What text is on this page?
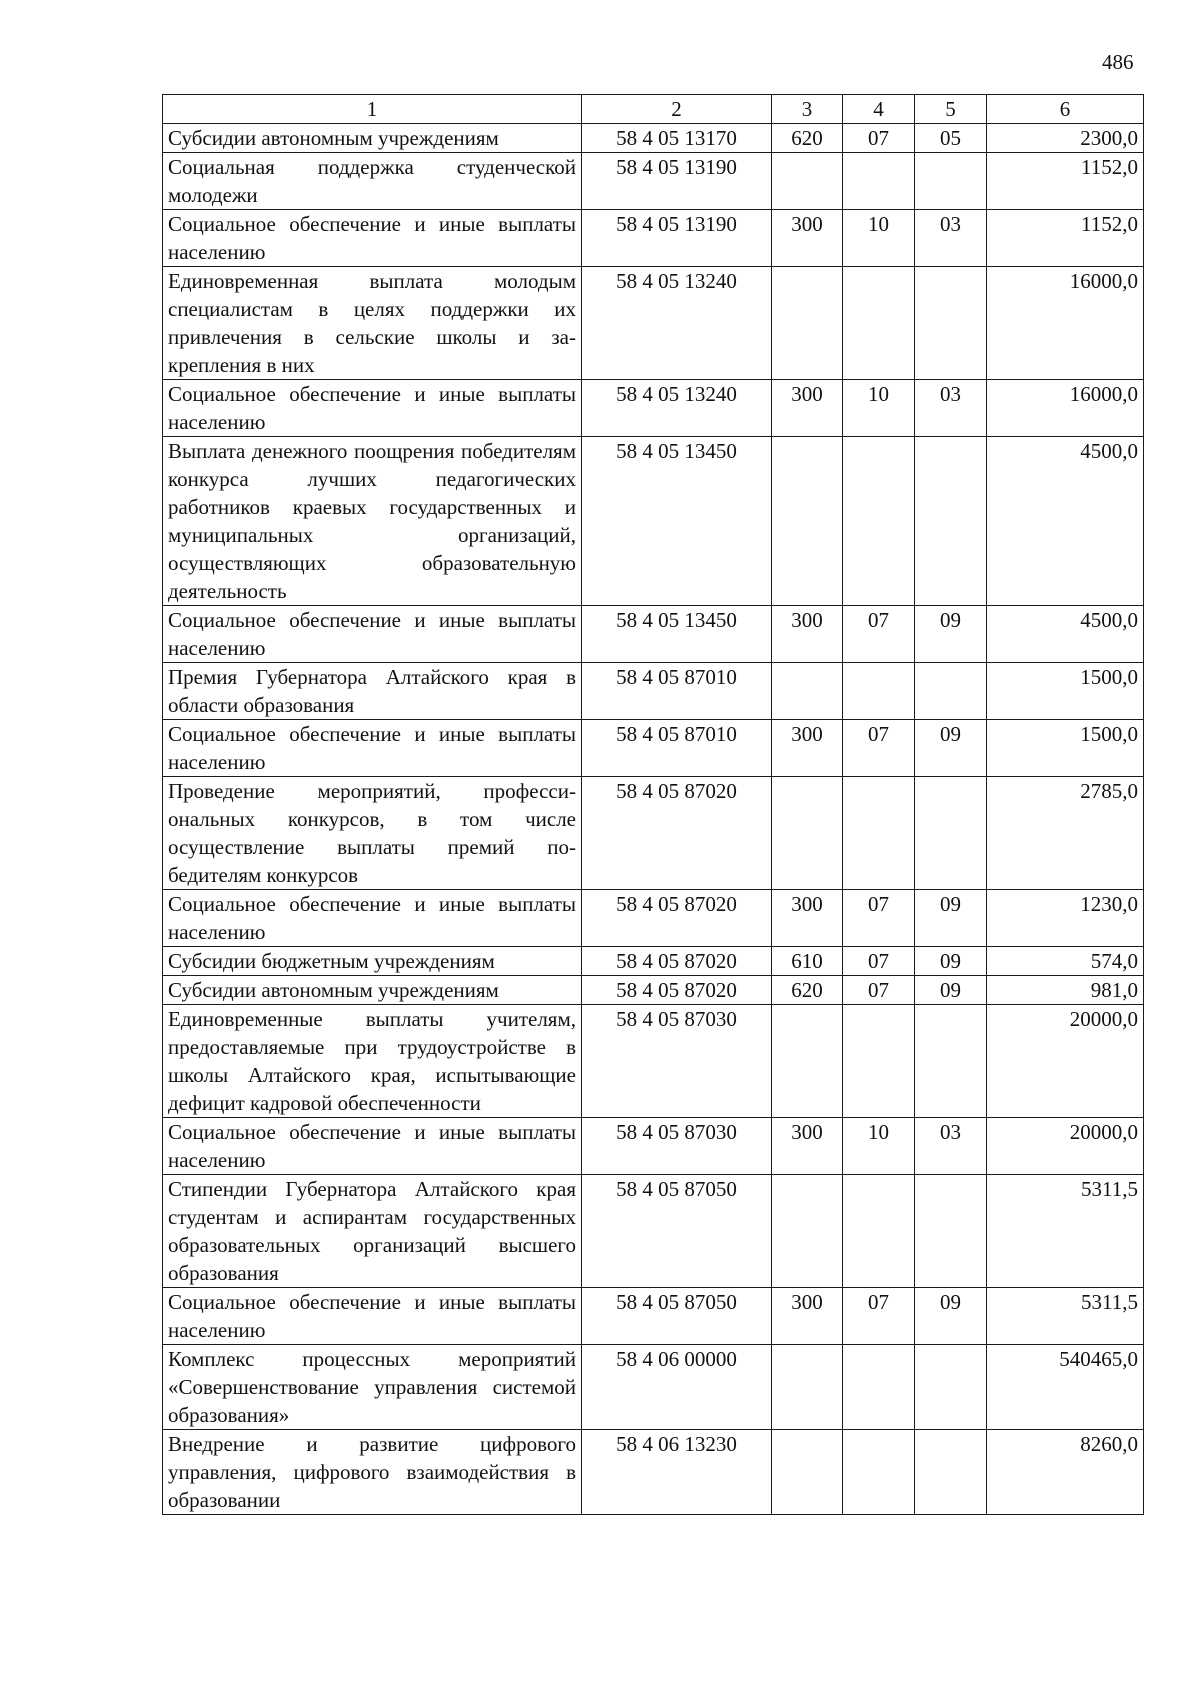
486
1	2	3	4	5	6
Субсидии автономным учреждениям	58 4 05 13170	620	07	05	2300,0
Социальная поддержка студенческой молодежи	58 4 05 13190				1152,0
Социальное обеспечение и иные выплаты населению	58 4 05 13190	300	10	03	1152,0
Единовременная выплата молодым специалистам в целях поддержки их привлечения в сельские школы и закрепления в них	58 4 05 13240				16000,0
Социальное обеспечение и иные выплаты населению	58 4 05 13240	300	10	03	16000,0
Выплата денежного поощрения победителям конкурса лучших педагогических работников краевых государственных и муниципальных организаций, осуществляющих образовательную деятельность	58 4 05 13450				4500,0
Социальное обеспечение и иные выплаты населению	58 4 05 13450	300	07	09	4500,0
Премия Губернатора Алтайского края в области образования	58 4 05 87010				1500,0
Социальное обеспечение и иные выплаты населению	58 4 05 87010	300	07	09	1500,0
Проведение мероприятий, профессиональных конкурсов, в том числе осуществление выплаты премий победителям конкурсов	58 4 05 87020				2785,0
Социальное обеспечение и иные выплаты населению	58 4 05 87020	300	07	09	1230,0
Субсидии бюджетным учреждениям	58 4 05 87020	610	07	09	574,0
Субсидии автономным учреждениям	58 4 05 87020	620	07	09	981,0
Единовременные выплаты учителям, предоставляемые при трудоустройстве в школы Алтайского края, испытывающие дефицит кадровой обеспеченности	58 4 05 87030				20000,0
Социальное обеспечение и иные выплаты населению	58 4 05 87030	300	10	03	20000,0
Стипендии Губернатора Алтайского края студентам и аспирантам государственных образовательных организаций высшего образования	58 4 05 87050				5311,5
Социальное обеспечение и иные выплаты населению	58 4 05 87050	300	07	09	5311,5
Комплекс процессных мероприятий «Совершенствование управления системой образования»	58 4 06 00000				540465,0
Внедрение и развитие цифрового управления, цифрового взаимодействия в образовании	58 4 06 13230				8260,0
